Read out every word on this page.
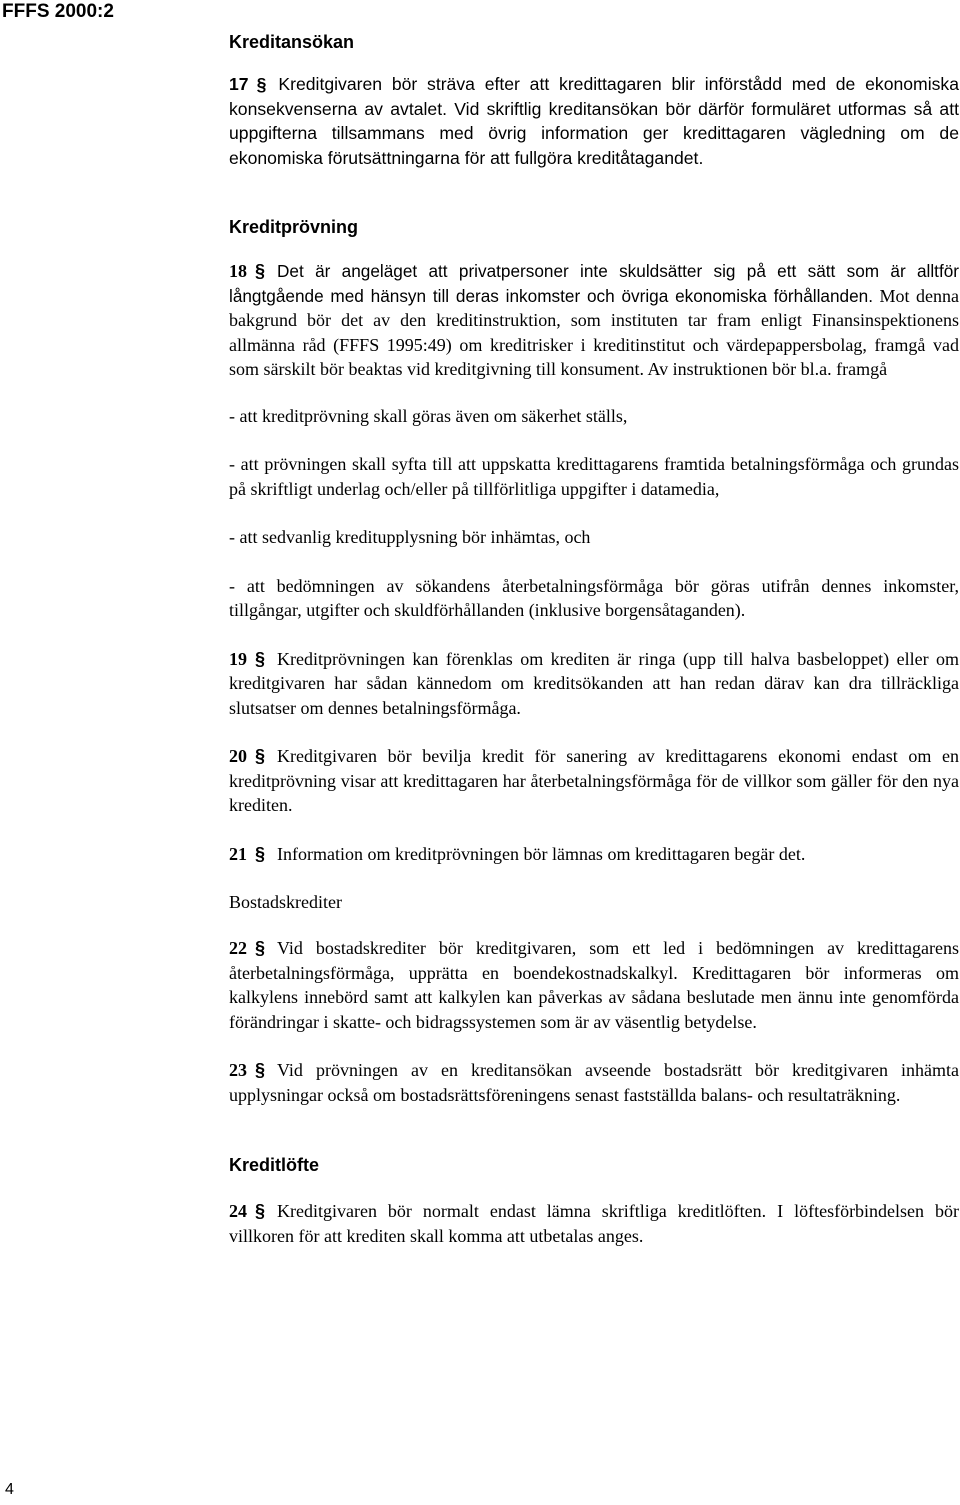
FFFS 2000:2
Kreditansökan

17 § Kreditgivaren bör sträva efter att kredittagaren blir införstådd med de ekonomiska konsekvenserna av avtalet. Vid skriftlig kreditansökan bör därför formuläret utformas så att uppgifterna tillsammans med övrig information ger kredittagaren vägledning om de ekonomiska förutsättningarna för att fullgöra kreditåtagandet.

Kreditprövning

18 § Det är angeläget att privatpersoner inte skuldsätter sig på ett sätt som är alltför långtgående med hänsyn till deras inkomster och övriga ekonomiska förhållanden. Mot denna bakgrund bör det av den kreditinstruktion, som instituten tar fram enligt Finansinspektionens allmänna råd (FFFS 1995:49) om kreditrisker i kreditinstitut och värdepappersbolag, framgå vad som särskilt bör beaktas vid kreditgivning till konsument. Av instruktionen bör bl.a. framgå

- att kreditprövning skall göras även om säkerhet ställs,

- att prövningen skall syfta till att uppskatta kredittagarens framtida betalningsförmåga och grundas på skriftligt underlag och/eller på tillförlitliga uppgifter i datamedia,

- att sedvanlig kreditupplysning bör inhämtas, och

- att bedömningen av sökandens återbetalningsförmåga bör göras utifrån dennes inkomster, tillgångar, utgifter och skuldförhållanden (inklusive borgensåtaganden).

19 § Kreditprövningen kan förenklas om krediten är ringa (upp till halva basbeloppet) eller om kreditgivaren har sådan kännedom om kreditsökanden att han redan därav kan dra tillräckliga slutsatser om dennes betalningsförmåga.

20 § Kreditgivaren bör bevilja kredit för sanering av kredittagarens ekonomi endast om en kreditprövning visar att kredittagaren har återbetalningsförmåga för de villkor som gäller för den nya krediten.

21 § Information om kreditprövningen bör lämnas om kredittagaren begär det.

Bostadskrediter

22 § Vid bostadskrediter bör kreditgivaren, som ett led i bedömningen av kredittagarens återbetalningsförmåga, upprätta en boendekostnadskalkyl. Kredittagaren bör informeras om kalkylens innebörd samt att kalkylen kan påverkas av sådana beslutade men ännu inte genomförda förändringar i skatte- och bidragssystemen som är av väsentlig betydelse.

23 § Vid prövningen av en kreditansökan avseende bostadsrätt bör kreditgivaren inhämta upplysningar också om bostadsrättsföreningens senast fastställda balans- och resultaträkning.

Kreditlöfte

24 § Kreditgivaren bör normalt endast lämna skriftliga kreditlöften. I löftesförbindelsen bör villkoren för att krediten skall komma att utbetalas anges.

4
